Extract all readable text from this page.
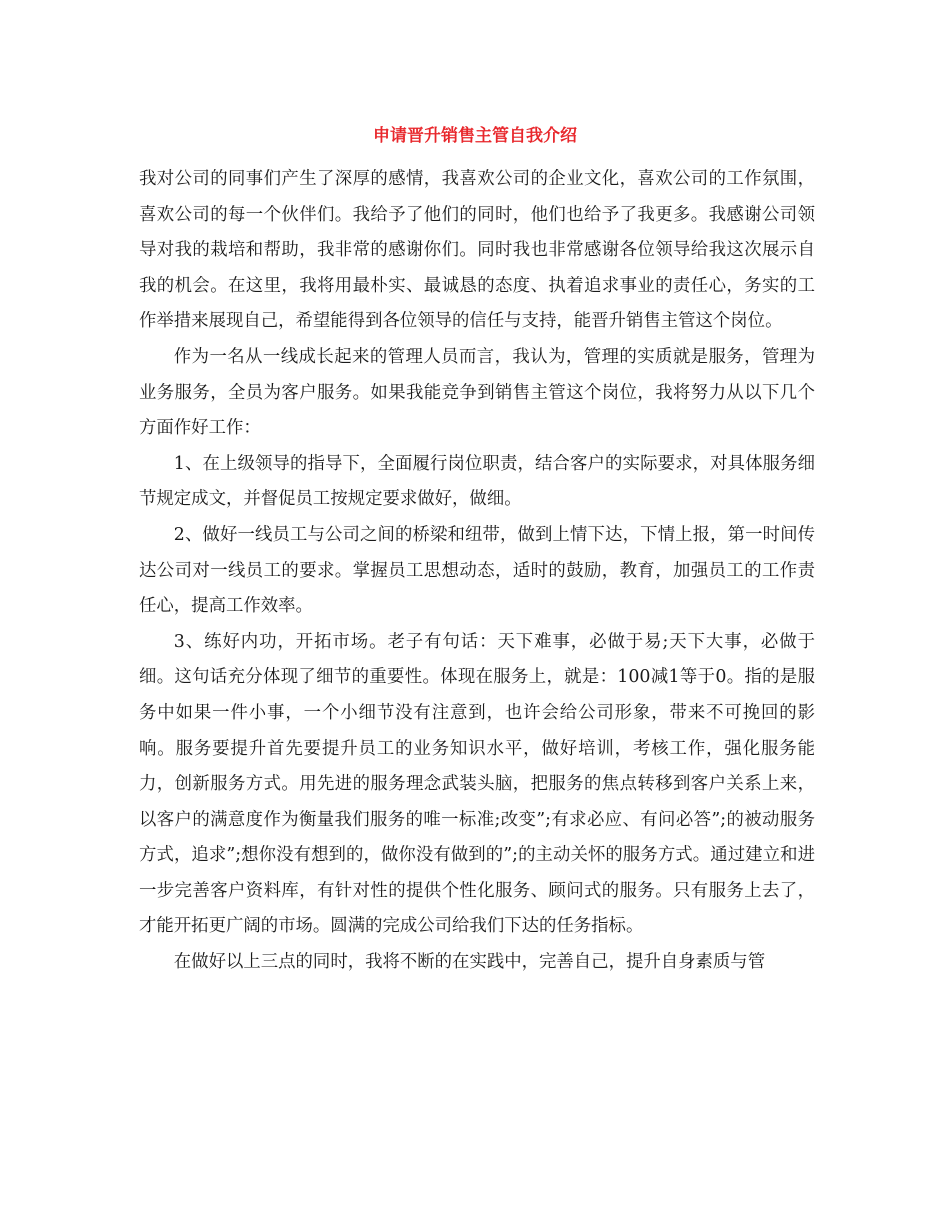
申请晋升销售主管自我介绍

我对公司的同事们产生了深厚的感情，我喜欢公司的企业文化，喜欢公司的工作氛围，喜欢公司的每一个伙伴们。我给予了他们的同时，他们也给予了我更多。我感谢公司领导对我的栽培和帮助，我非常的感谢你们。同时我也非常感谢各位领导给我这次展示自我的机会。在这里，我将用最朴实、最诚恳的态度、执着追求事业的责任心，务实的工作举措来展现自己，希望能得到各位领导的信任与支持，能晋升销售主管这个岗位。

作为一名从一线成长起来的管理人员而言，我认为，管理的实质就是服务，管理为业务服务，全员为客户服务。如果我能竞争到销售主管这个岗位，我将努力从以下几个方面作好工作：

1、在上级领导的指导下，全面履行岗位职责，结合客户的实际要求，对具体服务细节规定成文，并督促员工按规定要求做好，做细。

2、做好一线员工与公司之间的桥梁和纽带，做到上情下达，下情上报，第一时间传达公司对一线员工的要求。掌握员工思想动态，适时的鼓励，教育，加强员工的工作责任心，提高工作效率。

3、练好内功，开拓市场。老子有句话：天下难事，必做于易;天下大事，必做于细。这句话充分体现了细节的重要性。体现在服务上，就是：100减1等于0。指的是服务中如果一件小事，一个小细节没有注意到，也许会给公司形象，带来不可挽回的影响。服务要提升首先要提升员工的业务知识水平，做好培训，考核工作，强化服务能力，创新服务方式。用先进的服务理念武装头脑，把服务的焦点转移到客户关系上来，以客户的满意度作为衡量我们服务的唯一标准;改变”;有求必应、有问必答”;的被动服务方式，追求”;想你没有想到的，做你没有做到的”;的主动关怀的服务方式。通过建立和进一步完善客户资料库，有针对性的提供个性化服务、顾问式的服务。只有服务上去了，才能开拓更广阔的市场。圆满的完成公司给我们下达的任务指标。

在做好以上三点的同时，我将不断的在实践中，完善自己，提升自身素质与管
